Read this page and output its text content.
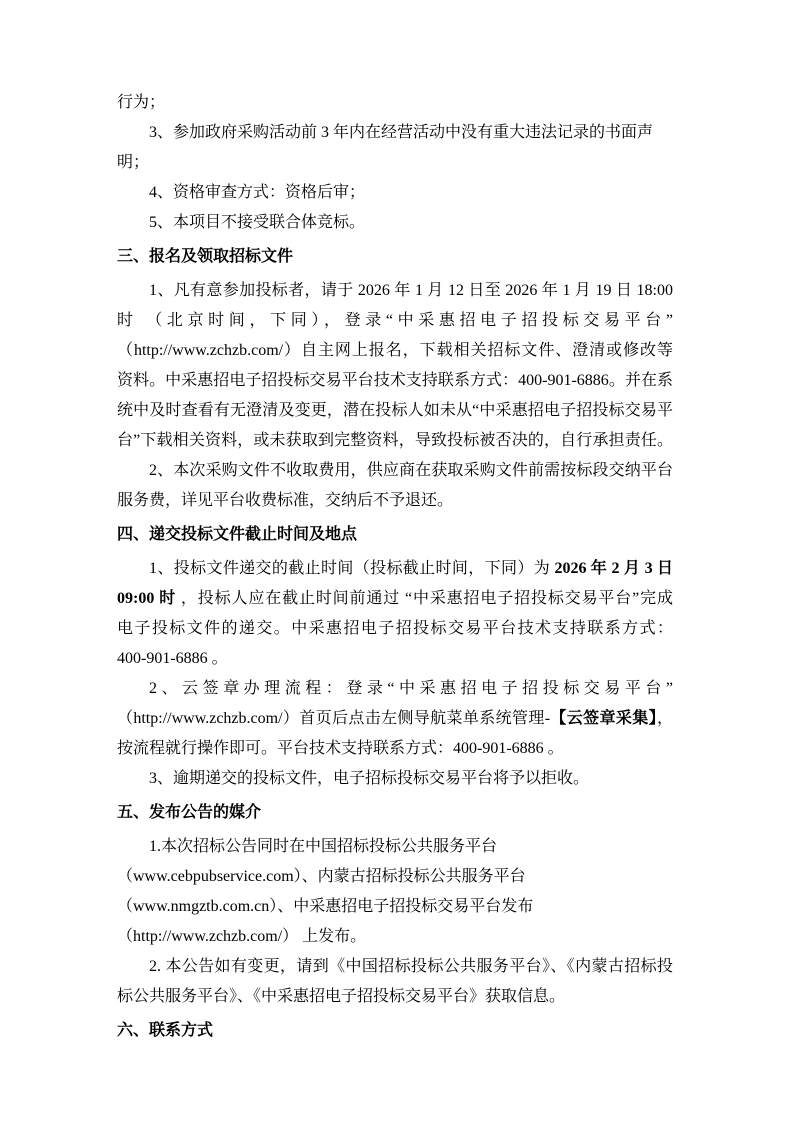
行为；
3、参加政府采购活动前 3 年内在经营活动中没有重大违法记录的书面声明；
4、资格审查方式：资格后审；
5、本项目不接受联合体竞标。
三、报名及领取招标文件
1、凡有意参加投标者，请于 2026 年 1 月 12 日至 2026 年 1 月 19 日 18:00
时 （北京时间，下同），登录“中采惠招电子招投标交易平台”
（http://www.zchzb.com/）自主网上报名，下载相关招标文件、澄清或修改等
资料。中采惠招电子招投标交易平台技术支持联系方式：400-901-6886。并在系
统中及时查看有无澄清及变更，潜在投标人如未从“中采惠招电子招投标交易平
台”下载相关资料，或未获取到完整资料，导致投标被否决的，自行承担责任。
2、本次采购文件不收取费用，供应商在获取采购文件前需按标段交纳平台
服务费，详见平台收费标准，交纳后不予退还。
四、递交投标文件截止时间及地点
1、投标文件递交的截止时间（投标截止时间，下同）为 2026 年 2 月 3 日
09:00 时 ，投标人应在截止时间前通过 “中采惠招电子招投标交易平台”完成
电子投标文件的递交。中采惠招电子招投标交易平台技术支持联系方式：
400-901-6886 。
2、云签章办理流程：登录“中采惠招电子招投标交易平台”
（http://www.zchzb.com/）首页后点击左侧导航菜单系统管理-【云签章采集】，
按流程就行操作即可。平台技术支持联系方式：400-901-6886 。
3、逾期递交的投标文件，电子招标投标交易平台将予以拒收。
五、发布公告的媒介
1.本次招标公告同时在中国招标投标公共服务平台
（www.cebpubservice.com）、内蒙古招标投标公共服务平台
（www.nmgztb.com.cn）、中采惠招电子招投标交易平台发布
（http://www.zchzb.com/） 上发布。
2. 本公告如有变更，请到《中国招标投标公共服务平台》、《内蒙古招标投
标公共服务平台》、《中采惠招电子招投标交易平台》获取信息。
六、联系方式
